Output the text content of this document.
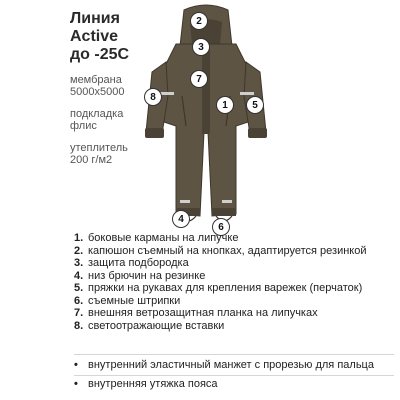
Линия
Active
до -25С
мембрана
5000х5000
подкладка
флис
утеплитель
200 г/м2
2
3
7
8
1	5
4
6
1. боковые карманы на липучке
2. капюшон съемный на кнопках, адаптируется резинкой
3. защита подбородка
4. низ брючин на резинке
5. пряжки на рукавах для крепления варежек (перчаток)
6. съемные штрипки
7. внешняя ветрозащитная планка на липучках
8. светоотражающие вставки
• внутренний эластичный манжет с прорезью для пальца
• внутренняя утяжка пояса
